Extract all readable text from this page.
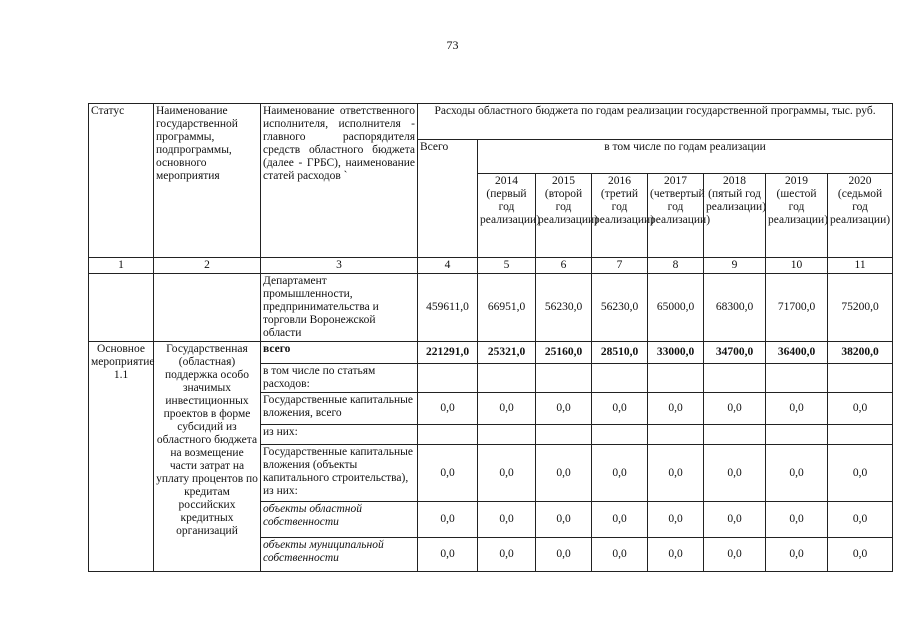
73
Статус	Наименование государственной программы, подпрограммы, основного мероприятия	Наименование ответственного исполнителя, исполнителя - главного распорядителя средств областного бюджета (далее - ГРБС), наименование статей расходов `	Расходы областного бюджета по годам реализации государственной программы, тыс. руб.							
			Всего	в том числе по годам реализации						
				2014 (первый год реализации)	2015 (второй год реализации)	2016 (третий год реализации)	2017 (четвертый год реализации)	2018 (пятый год реализации)	2019 (шестой год реализации)	2020 (седьмой год реализации)
1	2	3	4	5	6	7	8	9	10	11
		Департамент промышленности, предпринимательства и торговли Воронежской области	459611,0	66951,0	56230,0	56230,0	65000,0	68300,0	71700,0	75200,0
Основное мероприятие 1.1	Государственная (областная) поддержка особо значимых инвестиционных проектов в форме субсидий из областного бюджета на возмещение части затрат на уплату процентов по кредитам российских кредитных организаций	всего	221291,0	25321,0	25160,0	28510,0	33000,0	34700,0	36400,0	38200,0
		в том числе по статьям расходов:								
		Государственные капитальные вложения, всего	0,0	0,0	0,0	0,0	0,0	0,0	0,0	0,0
		из них:								
		Государственные капитальные вложения (объекты капитального строительства), из них:	0,0	0,0	0,0	0,0	0,0	0,0	0,0	0,0
		объекты областной собственности	0,0	0,0	0,0	0,0	0,0	0,0	0,0	0,0
		объекты муниципальной собственности	0,0	0,0	0,0	0,0	0,0	0,0	0,0	0,0
